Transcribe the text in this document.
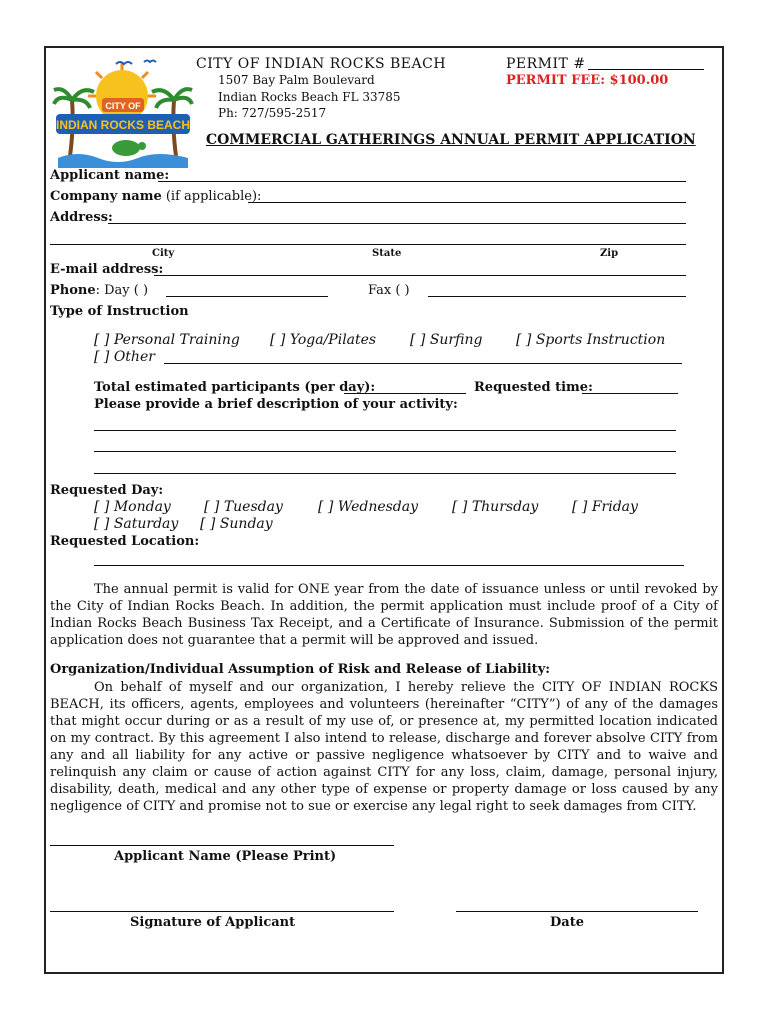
CITY OF
INDIAN ROCKS BEACH
CITY OF INDIAN ROCKS BEACH
1507 Bay Palm Boulevard
Indian Rocks Beach FL 33785
Ph: 727/595-2517
PERMIT #
PERMIT FEE: $100.00
COMMERCIAL GATHERINGS ANNUAL PERMIT APPLICATION
Applicant name:
Company name (if applicable):
Address:
City	State	Zip
E-mail address:
Phone: Day ( )	Fax ( )
Type of Instruction
[ ] Personal Training [ ] Yoga/Pilates [ ] Surfing [ ] Sports Instruction
[ ] Other
Total estimated participants (per day):	Requested time:
Please provide a brief description of your activity:
Requested Day:
[ ] Monday [ ] Tuesday	[ ] Wednesday [ ] Thursday [ ] Friday
[ ] Saturday [ ] Sunday
Requested Location:
The annual permit is valid for ONE year from the date of issuance unless or until revoked by the City of Indian Rocks Beach. In addition, the permit application must include proof of a City of Indian Rocks Beach Business Tax Receipt, and a Certificate of Insurance. Submission of the permit application does not guarantee that a permit will be approved and issued.
Organization/Individual Assumption of Risk and Release of Liability:
On behalf of myself and our organization, I hereby relieve the CITY OF INDIAN ROCKS BEACH, its officers, agents, employees and volunteers (hereinafter “CITY”) of any of the damages that might occur during or as a result of my use of, or presence at, my permitted location indicated on my contract. By this agreement I also intend to release, discharge and forever absolve CITY from any and all liability for any active or passive negligence whatsoever by CITY and to waive and relinquish any claim or cause of action against CITY for any loss, claim, damage, personal injury, disability, death, medical and any other type of expense or property damage or loss caused by any negligence of CITY and promise not to sue or exercise any legal right to seek damages from CITY.
Applicant Name (Please Print)
Signature of Applicant	Date
